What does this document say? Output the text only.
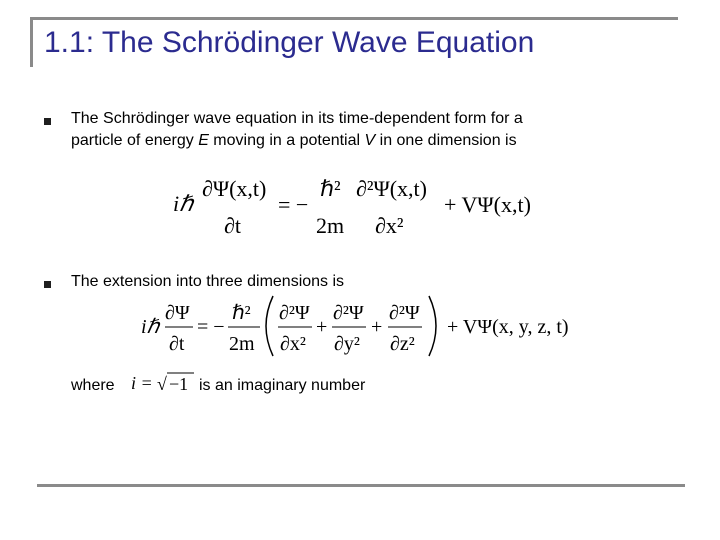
1.1: The Schrödinger Wave Equation
The Schrödinger wave equation in its time-dependent form for a
particle of energy E moving in a potential V in one dimension is
iℏ
∂Ψ(x,t)
∂t
= −
ℏ²
2m
∂²Ψ(x,t)
∂x²
+ VΨ(x,t)
The extension into three dimensions is
iℏ
∂Ψ
∂t
= −
ℏ²
2m
∂²Ψ
∂x²
+
∂²Ψ
∂y²
+
∂²Ψ
∂z²
+ VΨ(x, y, z, t)
where i = √ −1 is an imaginary number
